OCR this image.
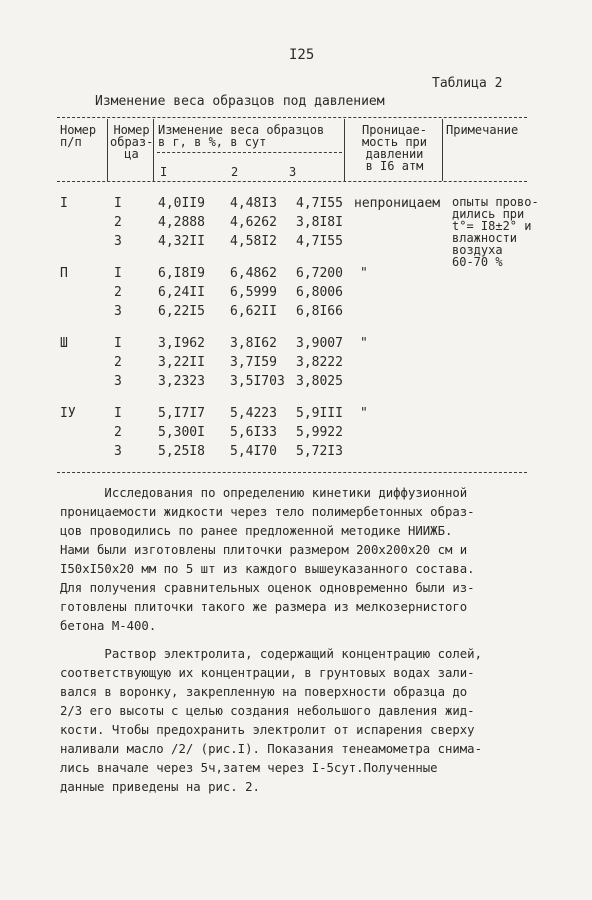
I25
Таблица 2
Изменение веса образцов под давлением
Номер
п/п
Номер
образ-
ца
Изменение веса образцов
в г, в %, в сут
I	2	3
Проницае-
мость при
давлении
в I6 атм
Примечание
I	I	4,0II9 4,48I3 4,7I55 непроницаем
2	4,2888 4,6262 3,8I8I
3	4,32II 4,58I2 4,7I55
опыты прово-
дились при
t°= I8±2° и
влажности
воздуха
60-70 %
П	I	6,I8I9 6,4862 6,7200 "
2	6,24II 6,5999 6,8006
3	6,22I5 6,62II 6,8I66
Ш	I	3,I962 3,8I62 3,9007 "
2	3,22II 3,7I59 3,8222
3	3,2323 3,5I703 3,8025
IУ	I	5,I7I7 5,4223 5,9III "
2	5,300I 5,6I33 5,9922
3	5,25I8 5,4I70 5,72I3
Исследования по определению кинетики диффузионной
проницаемости жидкости через тело полимербетонных образ-
цов проводились по ранее предложенной методике НИИЖБ.
Нами были изготовлены плиточки размером 200х200х20 см и
I50хI50х20 мм по 5 шт из каждого вышеуказанного состава.
Для получения сравнительных оценок одновременно были из-
готовлены плиточки такого же размера из мелкозернистого
бетона М-400.
Раствор электролита, содержащий концентрацию солей,
соответствующую их концентрации, в грунтовых водах зали-
вался в воронку, закрепленную на поверхности образца до
2/3 его высоты с целью создания небольшого давления жид-
кости. Чтобы предохранить электролит от испарения сверху
наливали масло /2/ (рис.I). Показания тенеамометра снима-
лись вначале через 5ч,затем через I-5сут.Полученные
данные приведены на рис. 2.
